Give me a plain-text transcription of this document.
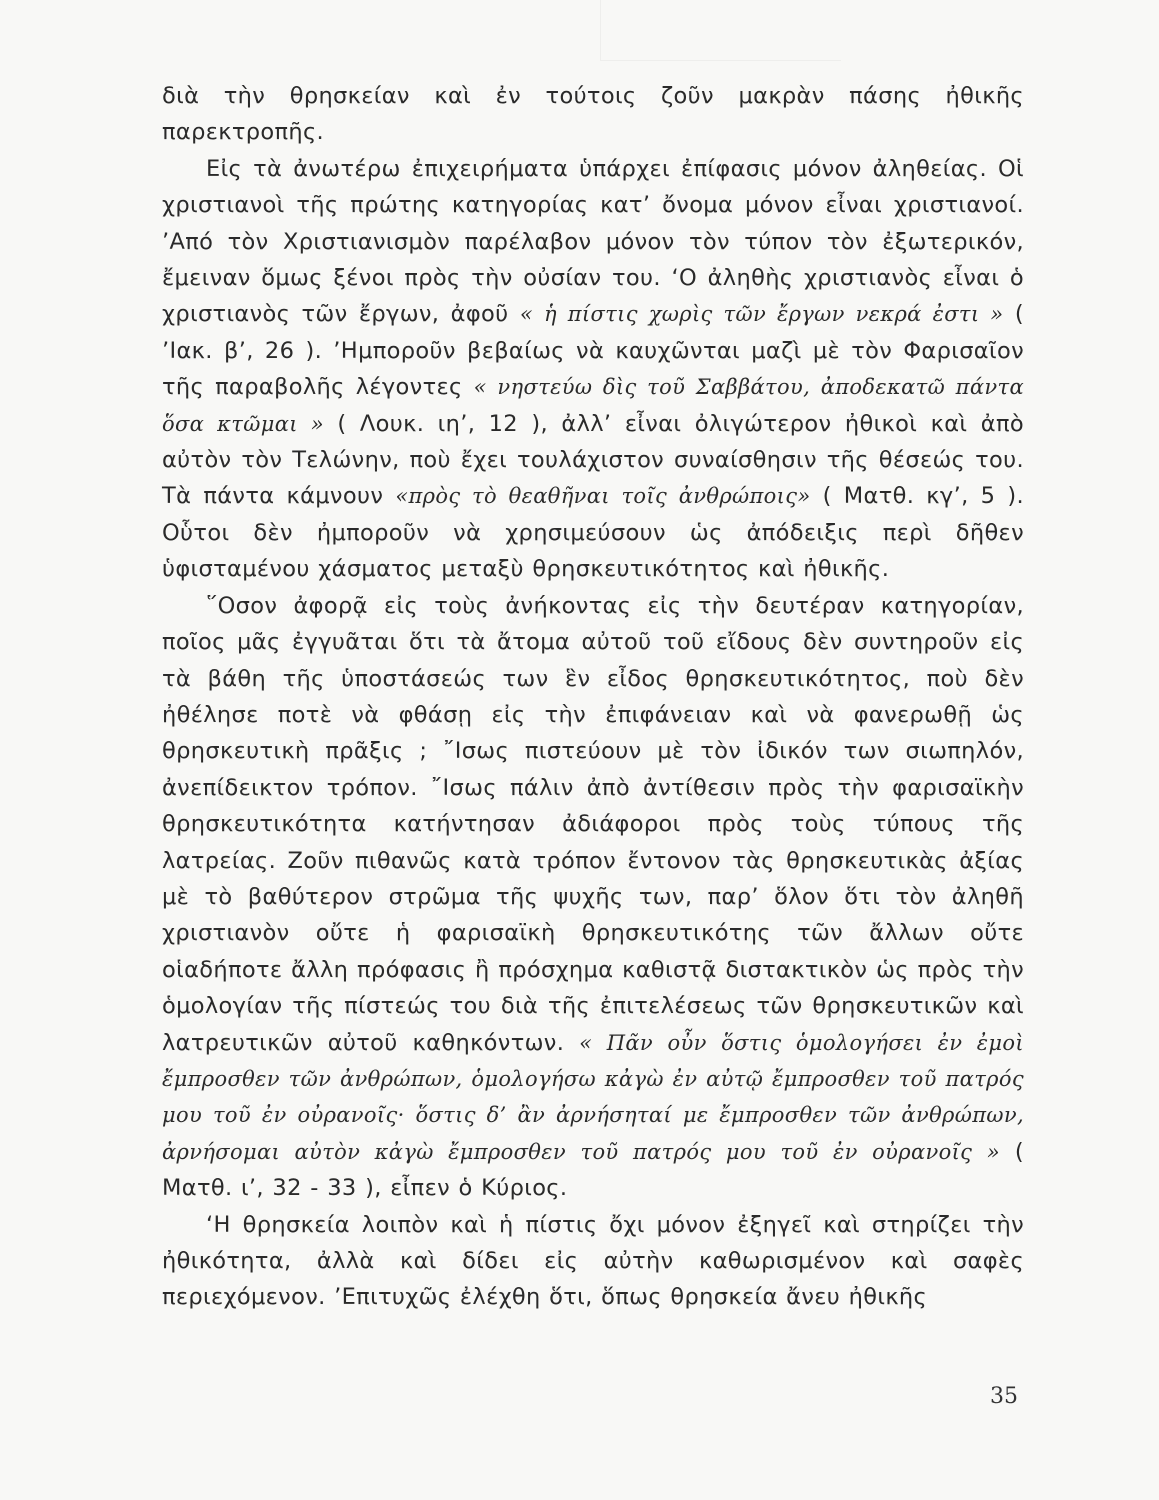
διὰ τὴν θρησκείαν καὶ ἐν τούτοις ζοῦν μακρὰν πάσης ἠθικῆς παρεκτροπῆς.

Εἰς τὰ ἀνωτέρω ἐπιχειρήματα ὑπάρχει ἐπίφασις μόνον ἀληθείας. Οἱ χριστιανοὶ τῆς πρώτης κατηγορίας κατ’ ὄνομα μόνον εἶναι χριστιανοί. ’Από τὸν Χριστιανισμὸν παρέλαβον μόνον τὸν τύπον τὸν ἐξωτερικόν, ἔμειναν ὅμως ξένοι πρὸς τὴν οὐσίαν του. ‘Ο ἀληθὴς χριστιανὸς εἶναι ὁ χριστιανὸς τῶν ἔργων, ἀφοῦ « ἡ πίστις χωρὶς τῶν ἔργων νεκρά ἐστι » ( ’Ιακ. β’, 26 ). ’Ημποροῦν βεβαίως νὰ καυχῶνται μαζὶ μὲ τὸν Φαρισαῖον τῆς παραβολῆς λέγοντες « νηστεύω δὶς τοῦ Σαββάτου, ἀποδεκατῶ πάντα ὅσα κτῶμαι » ( Λουκ. ιη’, 12 ), ἀλλ’ εἶναι ὀλιγώτερον ἠθικοὶ καὶ ἀπὸ αὐτὸν τὸν Τελώνην, ποὺ ἔχει τουλάχιστον συναίσθησιν τῆς θέσεώς του. Τὰ πάντα κάμνουν «πρὸς τὸ θεαθῆναι τοῖς ἀνθρώποις» ( Ματθ. κγ’, 5 ). Οὗτοι δὲν ἠμποροῦν νὰ χρησιμεύσουν ὡς ἀπόδειξις περὶ δῆθεν ὑφισταμένου χάσματος μεταξὺ θρησκευτικότητος καὶ ἠθικῆς.

῞Οσον ἀφορᾷ εἰς τοὺς ἀνήκοντας εἰς τὴν δευτέραν κατηγορίαν, ποῖος μᾶς ἐγγυᾶται ὅτι τὰ ἄτομα αὐτοῦ τοῦ εἴδους δὲν συντηροῦν εἰς τὰ βάθη τῆς ὑποστάσεώς των ἓν εἶδος θρησκευτικότητος, ποὺ δὲν ἠθέλησε ποτὲ νὰ φθάσῃ εἰς τὴν ἐπιφάνειαν καὶ νὰ φανερωθῇ ὡς θρησκευτικὴ πρᾶξις ; ῎Ισως πιστεύουν μὲ τὸν ἰδικόν των σιωπηλόν, ἀνεπίδεικτον τρόπον. ῎Ισως πάλιν ἀπὸ ἀντίθεσιν πρὸς τὴν φαρισαϊκὴν θρησκευτικότητα κατήντησαν ἀδιάφοροι πρὸς τοὺς τύπους τῆς λατρείας. Ζοῦν πιθανῶς κατὰ τρόπον ἔντονον τὰς θρησκευτικὰς ἀξίας μὲ τὸ βαθύτερον στρῶμα τῆς ψυχῆς των, παρ’ ὅλον ὅτι τὸν ἀληθῆ χριστιανὸν οὔτε ἡ φαρισαϊκὴ θρησκευτικότης τῶν ἄλλων οὔτε οἱαδήποτε ἄλλη πρόφασις ἢ πρόσχημα καθιστᾷ διστακτικὸν ὡς πρὸς τὴν ὁμολογίαν τῆς πίστεώς του διὰ τῆς ἐπιτελέσεως τῶν θρησκευτικῶν καὶ λατρευτικῶν αὐτοῦ καθηκόντων. « Πᾶν οὖν ὅστις ὁμολογήσει ἐν ἐμοὶ ἔμπροσθεν τῶν ἀνθρώπων, ὁμολογήσω κἀγὼ ἐν αὐτῷ ἔμπροσθεν τοῦ πατρός μου τοῦ ἐν οὐρανοῖς· ὅστις δ’ ἂν ἀρνήσηταί με ἔμπροσθεν τῶν ἀνθρώπων, ἀρνήσομαι αὐτὸν κἀγὼ ἔμπροσθεν τοῦ πατρός μου τοῦ ἐν οὐρανοῖς » ( Ματθ. ι’, 32 - 33 ), εἶπεν ὁ Κύριος.

‘Η θρησκεία λοιπὸν καὶ ἡ πίστις ὄχι μόνον ἐξηγεῖ καὶ στηρίζει τὴν ἠθικότητα, ἀλλὰ καὶ δίδει εἰς αὐτὴν καθωρισμένον καὶ σαφὲς περιεχόμενον. ’Επιτυχῶς ἐλέχθη ὅτι, ὅπως θρησκεία ἄνευ ἠθικῆς

35
